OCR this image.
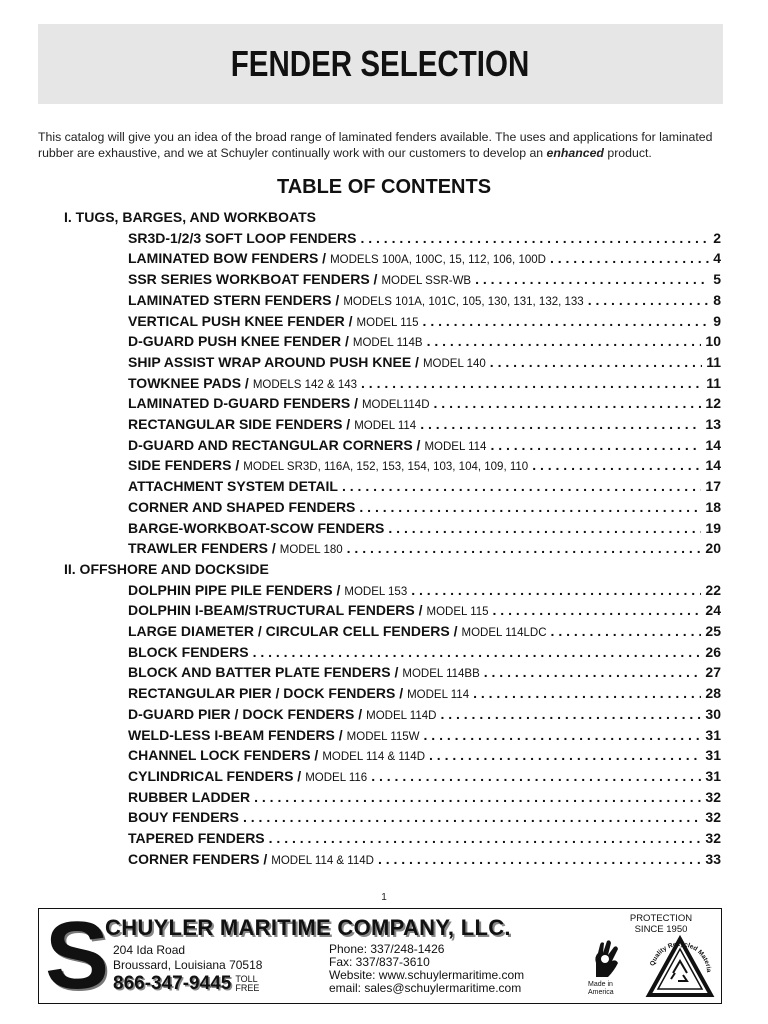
FENDER SELECTION

This catalog will give you an idea of the broad range of laminated fenders available. The uses and applications for laminated rubber are exhaustive, and we at Schuyler continually work with our customers to develop an enhanced product.

TABLE OF CONTENTS
I. TUGS, BARGES, AND WORKBOATS
SR3D-1/2/3 SOFT LOOP FENDERS . . .	2
LAMINATED BOW FENDERS / MODELS 100A, 100C, 15, 112, 106, 100D . . .	4
SSR SERIES WORKBOAT FENDERS / MODEL SSR-WB . . .	5
LAMINATED STERN FENDERS / MODELS 101A, 101C, 105, 130, 131, 132, 133 . . .	8
VERTICAL PUSH KNEE FENDER / MODEL 115 . . .	9
D-GUARD PUSH KNEE FENDER / MODEL 114B . . .	10
SHIP ASSIST WRAP AROUND PUSH KNEE / MODEL 140 . . .	11
TOWKNEE PADS / MODELS 142 & 143 . . .	11
LAMINATED D-GUARD FENDERS / MODEL114D . . .	12
RECTANGULAR SIDE FENDERS / MODEL 114 . . .	13
D-GUARD AND RECTANGULAR CORNERS / MODEL 114 . . .	14
SIDE FENDERS / MODEL SR3D, 116A, 152, 153, 154, 103, 104, 109, 110 . . .	14
ATTACHMENT SYSTEM DETAIL . . .	17
CORNER AND SHAPED FENDERS . . .	18
BARGE-WORKBOAT-SCOW FENDERS . . .	19
TRAWLER FENDERS / MODEL 180 . . .	20
II. OFFSHORE AND DOCKSIDE
DOLPHIN PIPE PILE FENDERS / MODEL 153 . . .	22
DOLPHIN I-BEAM/STRUCTURAL FENDERS / MODEL 115 . . .	24
LARGE DIAMETER / CIRCULAR CELL FENDERS / MODEL 114LDC . . .	25
BLOCK FENDERS . . .	26
BLOCK AND BATTER PLATE FENDERS / MODEL 114BB . . .	27
RECTANGULAR PIER / DOCK FENDERS / MODEL 114 . . .	28
D-GUARD PIER / DOCK FENDERS / MODEL 114D . . .	30
WELD-LESS I-BEAM FENDERS / MODEL 115W . . .	31
CHANNEL LOCK FENDERS / MODEL 114 & 114D . . .	31
CYLINDRICAL FENDERS / MODEL 116 . . .	31
RUBBER LADDER . . .	32
BOUY FENDERS . . .	32
TAPERED FENDERS . . .	32
CORNER FENDERS / MODEL 114 & 114D . . .	33
1
S
CHUYLER MARITIME COMPANY, LLC.
204 Ida Road
Broussard, Louisiana 70518
866-347-9445 TOLL
FREE
Phone: 337/248-1426
Fax: 337/837-3610
Website: www.schuylermaritime.com
email: sales@schuylermaritime.com
PROTECTION
SINCE 1950
Made in
America
Quality Recycled Materia
